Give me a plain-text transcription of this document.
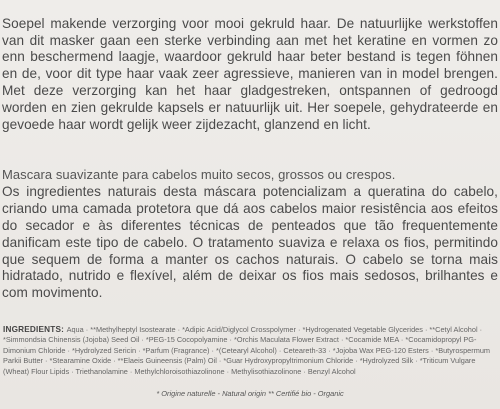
Soepel makende verzorging voor mooi gekruld haar. De natuurlijke werkstoffen van dit masker gaan een sterke verbinding aan met het keratine en vormen zo enn beschermend laagje, waardoor gekruld haar beter bestand is tegen föhnen en de, voor dit type haar vaak zeer agressieve, manieren van in model brengen. Met deze verzorging kan het haar gladgestreken, ontspannen of gedroogd worden en zien gekrulde kapsels er natuurlijk uit. Her soepele, gehydrateerde en gevoede haar wordt gelijk weer zijdezacht, glanzend en licht.

Mascara suavizante para cabelos muito secos, grossos ou crespos.
Os ingredientes naturais desta máscara potencializam a queratina do cabelo, criando uma camada protetora que dá aos cabelos maior resistência aos efeitos do secador e às diferentes técnicas de penteados que tão frequentemente danificam este tipo de cabelo. O tratamento suaviza e relaxa os fios, permitindo que sequem de forma a manter os cachos naturais. O cabelo se torna mais hidratado, nutrido e flexível, além de deixar os fios mais sedosos, brilhantes e com movimento.
INGREDIENTS: Aqua · **Methylheptyl Isostearate · *Adipic Acid/Diglycol Crosspolymer · *Hydrogenated Vegetable Glycerides · **Cetyl Alcohol · *Simmondsia Chinensis (Jojoba) Seed Oil · *PEG-15 Cocopolyamine · *Orchis Maculata Flower Extract · *Cocamide MEA · *Cocamidopropyl PG-Dimonium Chloride · *Hydrolyzed Sericin · *Parfum (Fragrance) · *(Cetearyl Alcohol) · Ceteareth-33 · *Jojoba Wax PEG-120 Esters · *Butyrospermum Parkii Butter · *Stearamine Oxide · **Elaeis Guineensis (Palm) Oil · *Guar Hydroxypropyltrimonium Chloride · *Hydrolyzed Silk · *Triticum Vulgare (Wheat) Flour Lipids · Triethanolamine · Methylchloroisothiazolinone · Methylisothiazolinone · Benzyl Alcohol
* Origine naturelle - Natural origin ** Certifié bio - Organic
